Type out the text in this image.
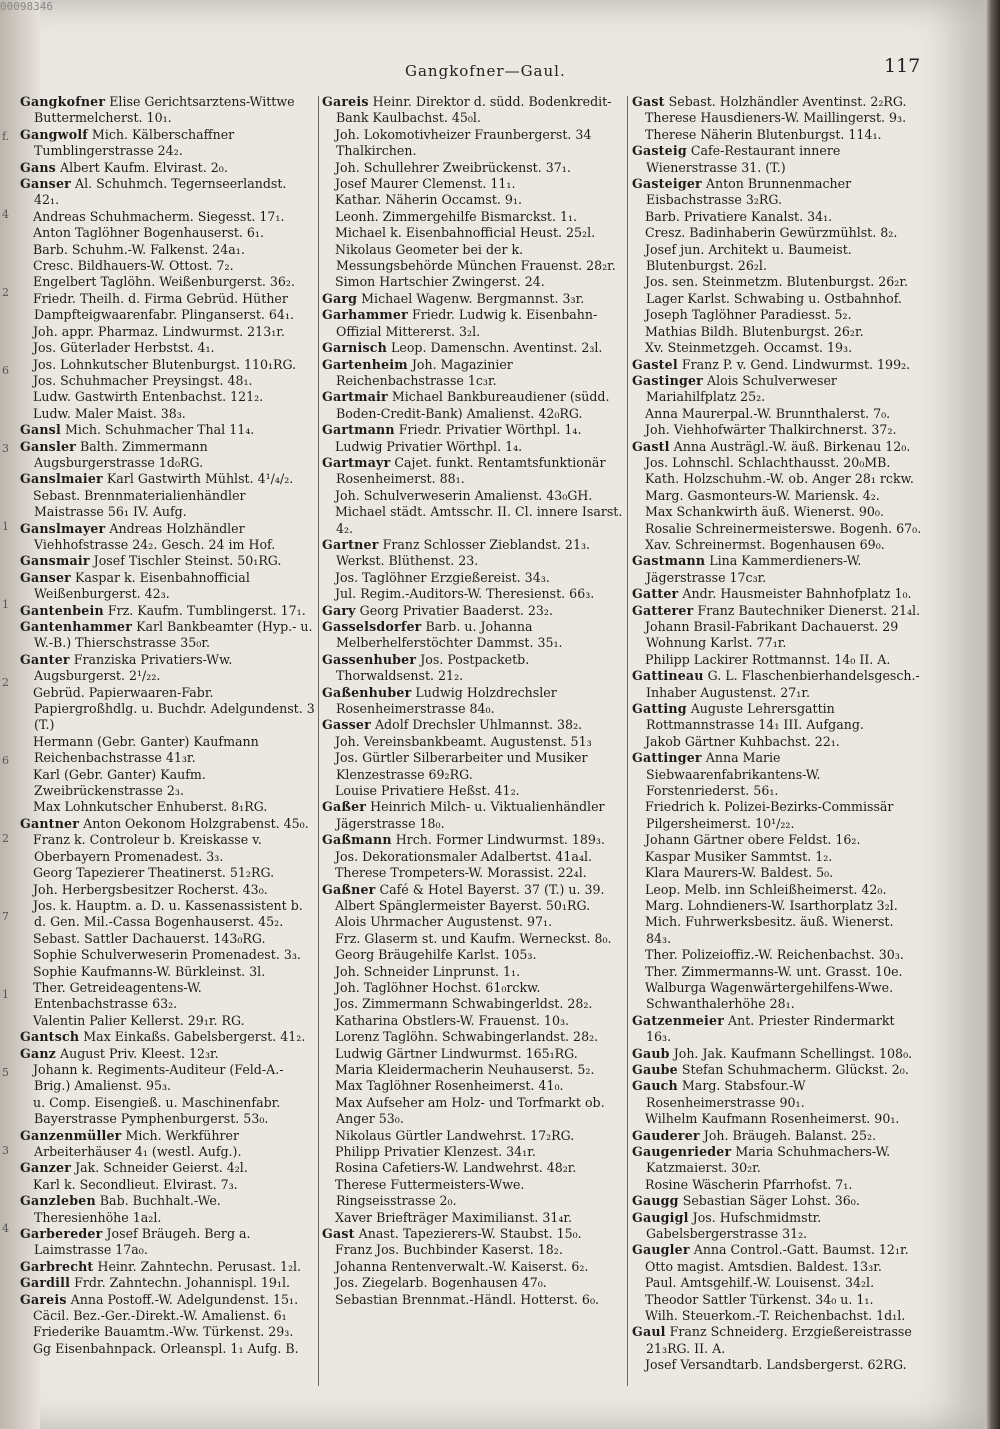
00098346
Gangkofner—Gaul.	117
f.
4
2
6
3
1
1
2
6
2
7
1
5
3
4

Gangkofner Elise Gerichtsarztens-Wittwe Buttermelcherst. 10₁.

Gangwolf Mich. Kälberschaffner Tumblingerstrasse 24₂.

Gans Albert Kaufm. Elvirast. 2₀.

Ganser Al. Schuhmch. Tegernseerlandst. 42₁.

Andreas Schuhmacherm. Siegesst. 17₁.

Anton Taglöhner Bogenhauserst. 6₁.

Barb. Schuhm.-W. Falkenst. 24a₁.

Cresc. Bildhauers-W. Ottost. 7₂.

Engelbert Taglöhn. Weißenburgerst. 36₂.

Friedr. Theilh. d. Firma Gebrüd. Hüther Dampfteigwaarenfabr. Plinganserst. 64₁.

Joh. appr. Pharmaz. Lindwurmst. 213₁r.

Jos. Güterlader Herbstst. 4₁.

Jos. Lohnkutscher Blutenburgst. 110₁RG.

Jos. Schuhmacher Preysingst. 48₁.

Ludw. Gastwirth Entenbachst. 121₂.

Ludw. Maler Maist. 38₃.

Gansl Mich. Schuhmacher Thal 11₄.

Gansler Balth. Zimmermann Augsburgerstrasse 1d₀RG.

Ganslmaier Karl Gastwirth Mühlst. 4¹/₄/₂.

Sebast. Brennmaterialienhändler Maistrasse 56₁ IV. Aufg.

Ganslmayer Andreas Holzhändler Viehhofstrasse 24₂. Gesch. 24 im Hof.

Gansmair Josef Tischler Steinst. 50₁RG.

Ganser Kaspar k. Eisenbahnofficial Weißenburgerst. 42₃.

Gantenbein Frz. Kaufm. Tumblingerst. 17₁.

Gantenhammer Karl Bankbeamter (Hyp.- u. W.-B.) Thierschstrasse 35₀r.

Ganter Franziska Privatiers-Ww. Augsburgerst. 2¹/₂₂.

Gebrüd. Papierwaaren-Fabr. Papiergroßhdlg. u. Buchdr. Adelgundenst. 3 (T.)

Hermann (Gebr. Ganter) Kaufmann Reichenbachstrasse 41₃r.

Karl (Gebr. Ganter) Kaufm. Zweibrückenstrasse 2₃.

Max Lohnkutscher Enhuberst. 8₁RG.

Gantner Anton Oekonom Holzgrabenst. 45₀.

Franz k. Controleur b. Kreiskasse v. Oberbayern Promenadest. 3₃.

Georg Tapezierer Theatinerst. 51₂RG.

Joh. Herbergsbesitzer Rocherst. 43₀.

Jos. k. Hauptm. a. D. u. Kassenassistent b. d. Gen. Mil.-Cassa Bogenhauserst. 45₂.

Sebast. Sattler Dachauerst. 143₀RG.

Sophie Schulverweserin Promenadest. 3₃.

Sophie Kaufmanns-W. Bürkleinst. 3l.

Ther. Getreideagentens-W. Entenbachstrasse 63₂.

Valentin Palier Kellerst. 29₁r. RG.

Gantsch Max Einkaßs. Gabelsbergerst. 41₂.

Ganz August Priv. Kleest. 12₃r.

Johann k. Regiments-Auditeur (Feld-A.-Brig.) Amalienst. 95₃.

u. Comp. Eisengieß. u. Maschinenfabr. Bayerstrasse Pymphenburgerst. 53₀.

Ganzenmüller Mich. Werkführer Arbeiterhäuser 4₁ (westl. Aufg.).

Ganzer Jak. Schneider Geierst. 4₂l.

Karl k. Secondlieut. Elvirast. 7₃.

Ganzleben Bab. Buchhalt.-We. Theresienhöhe 1a₂l.

Garbereder Josef Bräugeh. Berg a. Laimstrasse 17a₀.

Garbrecht Heinr. Zahntechn. Perusast. 1₂l.

Gardill Frdr. Zahntechn. Johannispl. 19₁l.

Gareis Anna Postoff.-W. Adelgundenst. 15₁.

Cäcil. Bez.-Ger.-Direkt.-W. Amalienst. 6₁

Friederike Bauamtm.-Ww. Türkenst. 29₃.

Gg Eisenbahnpack. Orleanspl. 1₁ Aufg. B.

Gareis Heinr. Direktor d. südd. Bodenkredit-Bank Kaulbachst. 45₀l.

Joh. Lokomotivheizer Fraunbergerst. 34 Thalkirchen.

Joh. Schullehrer Zweibrückenst. 37₁.

Josef Maurer Clemenst. 11₁.

Kathar. Näherin Occamst. 9₁.

Leonh. Zimmergehilfe Bismarckst. 1₁.

Michael k. Eisenbahnofficial Heust. 25₂l.

Nikolaus Geometer bei der k. Messungsbehörde München Frauenst. 28₂r.

Simon Hartschier Zwingerst. 24.

Garg Michael Wagenw. Bergmannst. 3₃r.

Garhammer Friedr. Ludwig k. Eisenbahn-Offizial Mittererst. 3₂l.

Garnisch Leop. Damenschn. Aventinst. 2₃l.

Gartenheim Joh. Magazinier Reichenbachstrasse 1c₃r.

Gartmair Michael Bankbureaudiener (südd. Boden-Credit-Bank) Amalienst. 42₀RG.

Gartmann Friedr. Privatier Wörthpl. 1₄.

Ludwig Privatier Wörthpl. 1₄.

Gartmayr Cajet. funkt. Rentamtsfunktionär Rosenheimerst. 88₁.

Joh. Schulverweserin Amalienst. 43₀GH.

Michael städt. Amtsschr. II. Cl. innere Isarst. 4₂.

Gartner Franz Schlosser Zieblandst. 21₃. Werkst. Blüthenst. 23.

Jos. Taglöhner Erzgießereist. 34₃.

Jul. Regim.-Auditors-W. Theresienst. 66₃.

Gary Georg Privatier Baaderst. 23₂.

Gasselsdorfer Barb. u. Johanna Melberhelferstöchter Dammst. 35₁.

Gassenhuber Jos. Postpacketb. Thorwaldsenst. 21₂.

Gaßenhuber Ludwig Holzdrechsler Rosenheimerstrasse 84₀.

Gasser Adolf Drechsler Uhlmannst. 38₂.

Joh. Vereinsbankbeamt. Augustenst. 51₃

Jos. Gürtler Silberarbeiter und Musiker Klenzestrasse 69₂RG.

Louise Privatiere Heßst. 41₂.

Gaßer Heinrich Milch- u. Viktualienhändler Jägerstrasse 18₀.

Gaßmann Hrch. Former Lindwurmst. 189₃.

Jos. Dekorationsmaler Adalbertst. 41a₄l.

Therese Trompeters-W. Morassist. 22₄l.

Gaßner Café & Hotel Bayerst. 37 (T.) u. 39.

Albert Spänglermeister Bayerst. 50₁RG.

Alois Uhrmacher Augustenst. 97₁.

Frz. Glaserm st. und Kaufm. Werneckst. 8₀.

Georg Bräugehilfe Karlst. 105₃.

Joh. Schneider Linprunst. 1₁.

Joh. Taglöhner Hochst. 61₀rckw.

Jos. Zimmermann Schwabingerldst. 28₂.

Katharina Obstlers-W. Frauenst. 10₃.

Lorenz Taglöhn. Schwabingerlandst. 28₂.

Ludwig Gärtner Lindwurmst. 165₁RG.

Maria Kleidermacherin Neuhauserst. 5₂.

Max Taglöhner Rosenheimerst. 41₀.

Max Aufseher am Holz- und Torfmarkt ob. Anger 53₀.

Nikolaus Gürtler Landwehrst. 17₂RG.

Philipp Privatier Klenzest. 34₁r.

Rosina Cafetiers-W. Landwehrst. 48₂r.

Therese Futtermeisters-Wwe. Ringseisstrasse 2₀.

Xaver Briefträger Maximilianst. 31₄r.

Gast Anast. Tapezierers-W. Staubst. 15₀.

Franz Jos. Buchbinder Kaserst. 18₂.

Johanna Rentenverwalt.-W. Kaiserst. 6₂.

Jos. Ziegelarb. Bogenhausen 47₀.

Sebastian Brennmat.-Händl. Hotterst. 6₀.

Gast Sebast. Holzhändler Aventinst. 2₂RG.

Therese Hausdieners-W. Maillingerst. 9₃.

Therese Näherin Blutenburgst. 114₁.

Gasteig Cafe-Restaurant innere Wienerstrasse 31. (T.)

Gasteiger Anton Brunnenmacher Eisbachstrasse 3₂RG.

Barb. Privatiere Kanalst. 34₁.

Cresz. Badinhaberin Gewürzmühlst. 8₂.

Josef jun. Architekt u. Baumeist. Blutenburgst. 26₂l.

Jos. sen. Steinmetzm. Blutenburgst. 26₂r. Lager Karlst. Schwabing u. Ostbahnhof.

Joseph Taglöhner Paradiesst. 5₂.

Mathias Bildh. Blutenburgst. 26₂r.

Xv. Steinmetzgeh. Occamst. 19₃.

Gastel Franz P. v. Gend. Lindwurmst. 199₂.

Gastinger Alois Schulverweser Mariahilfplatz 25₂.

Anna Maurerpal.-W. Brunnthalerst. 7₀.

Joh. Viehhofwärter Thalkirchnerst. 37₂.

Gastl Anna Austrägl.-W. äuß. Birkenau 12₀.

Jos. Lohnschl. Schlachthausst. 20₀MB.

Kath. Holzschuhm.-W. ob. Anger 28₁ rckw.

Marg. Gasmonteurs-W. Mariensk. 4₂.

Max Schankwirth äuß. Wienerst. 90₀.

Rosalie Schreinermeisterswe. Bogenh. 67₀.

Xav. Schreinermst. Bogenhausen 69₀.

Gastmann Lina Kammerdieners-W. Jägerstrasse 17c₃r.

Gatter Andr. Hausmeister Bahnhofplatz 1₀.

Gatterer Franz Bautechniker Dienerst. 21₄l.

Johann Brasil-Fabrikant Dachauerst. 29 Wohnung Karlst. 77₁r.

Philipp Lackirer Rottmannst. 14₀ II. A.

Gattineau G. L. Flaschenbierhandelsgesch.-Inhaber Augustenst. 27₁r.

Gatting Auguste Lehrersgattin Rottmannstrasse 14₁ III. Aufgang.

Jakob Gärtner Kuhbachst. 22₁.

Gattinger Anna Marie Siebwaarenfabrikantens-W. Forstenriederst. 56₁.

Friedrich k. Polizei-Bezirks-Commissär Pilgersheimerst. 10¹/₂₂.

Johann Gärtner obere Feldst. 16₂.

Kaspar Musiker Sammtst. 1₂.

Klara Maurers-W. Baldest. 5₀.

Leop. Melb. inn Schleißheimerst. 42₀.

Marg. Lohndieners-W. Isarthorplatz 3₂l.

Mich. Fuhrwerksbesitz. äuß. Wienerst. 84₃.

Ther. Polizeioffiz.-W. Reichenbachst. 30₃.

Ther. Zimmermanns-W. unt. Grasst. 10e.

Walburga Wagenwärtergehilfens-Wwe. Schwanthalerhöhe 28₁.

Gatzenmeier Ant. Priester Rindermarkt 16₃.

Gaub Joh. Jak. Kaufmann Schellingst. 108₀.

Gaube Stefan Schuhmacherm. Glückst. 2₀.

Gauch Marg. Stabsfour.-W Rosenheimerstrasse 90₁.

Wilhelm Kaufmann Rosenheimerst. 90₁.

Gauderer Joh. Bräugeh. Balanst. 25₂.

Gaugenrieder Maria Schuhmachers-W. Katzmaierst. 30₂r.

Rosine Wäscherin Pfarrhofst. 7₁.

Gaugg Sebastian Säger Lohst. 36₀.

Gaugigl Jos. Hufschmidmstr. Gabelsbergerstrasse 31₂.

Gaugler Anna Control.-Gatt. Baumst. 12₁r.

Otto magist. Amtsdien. Baldest. 13₃r.

Paul. Amtsgehilf.-W. Louisenst. 34₂l.

Theodor Sattler Türkenst. 34₀ u. 1₁.

Wilh. Steuerkom.-T. Reichenbachst. 1d₁l.

Gaul Franz Schneiderg. Erzgießereistrasse 21₃RG. II. A.

Josef Versandtarb. Landsbergerst. 62RG.
